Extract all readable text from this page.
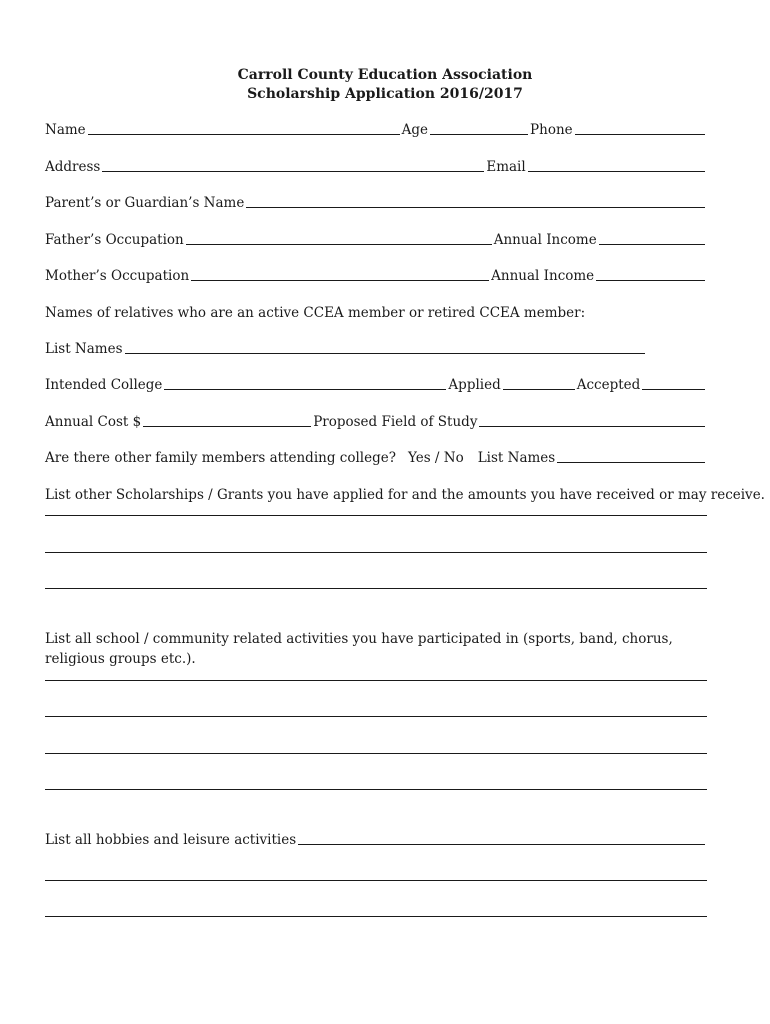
Carroll County Education Association
Scholarship Application 2016/2017
Name	Age	Phone
Address	Email
Parent’s or Guardian’s Name
Father’s Occupation	Annual Income
Mother’s Occupation	Annual Income
Names of relatives who are an active CCEA member or retired CCEA member:
List Names
Intended College	Applied	Accepted
Annual Cost $	Proposed Field of Study
Are there other family members attending college? Yes / No List Names
List other Scholarships / Grants you have applied for and the amounts you have received or may receive.
List all school / community related activities you have participated in (sports, band, chorus, religious groups etc.).
List all hobbies and leisure activities
